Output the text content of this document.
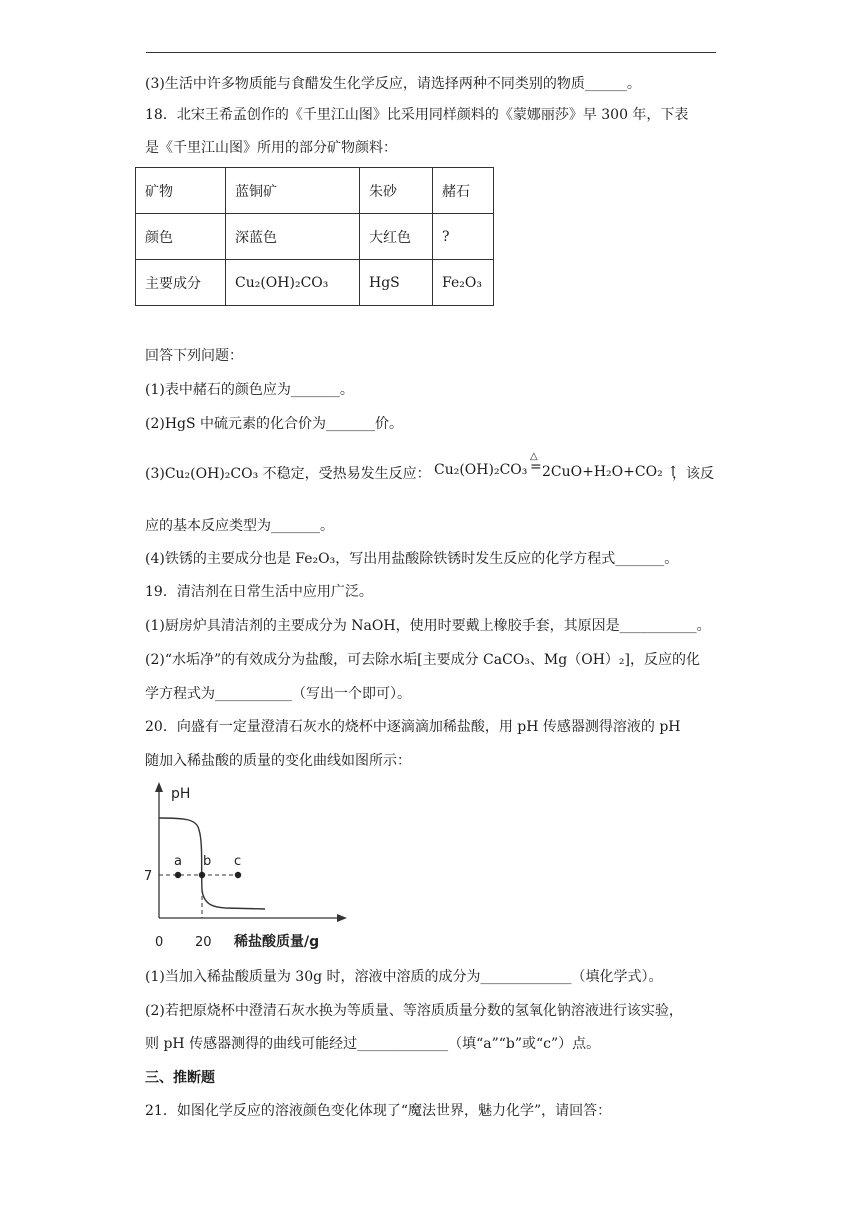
(3)生活中许多物质能与食醋发生化学反应，请选择两种不同类别的物质______。
18．北宋王希孟创作的《千里江山图》比采用同样颜料的《蒙娜丽莎》早 300 年，下表
是《千里江山图》所用的部分矿物颜料：
矿物	蓝铜矿	朱砂	赭石
颜色	深蓝色	大红色	?
主要成分	Cu₂(OH)₂CO₃	HgS	Fe₂O₃
回答下列问题：
(1)表中赭石的颜色应为_______。
(2)HgS 中硫元素的化合价为_______价。
(3)Cu₂(OH)₂CO₃ 不稳定，受热易发生反应： Cu₂(OH)₂CO₃
△
= 2CuO+H₂O+CO₂ ↑
，该反
应的基本反应类型为_______。
(4)铁锈的主要成分也是 Fe₂O₃，写出用盐酸除铁锈时发生反应的化学方程式_______。
19．清洁剂在日常生活中应用广泛。
(1)厨房炉具清洁剂的主要成分为 NaOH，使用时要戴上橡胶手套，其原因是___________。
(2)“水垢净”的有效成分为盐酸，可去除水垢[主要成分 CaCO₃、Mg（OH）₂]，反应的化
学方程式为___________（写出一个即可）。
20．向盛有一定量澄清石灰水的烧杯中逐滴滴加稀盐酸，用 pH 传感器测得溶液的 pH
随加入稀盐酸的质量的变化曲线如图所示：
pH
a b c
7
0 20 稀盐酸质量/g
(1)当加入稀盐酸质量为 30g 时，溶液中溶质的成分为_____________（填化学式）。
(2)若把原烧杯中澄清石灰水换为等质量、等溶质质量分数的氢氧化钠溶液进行该实验，
则 pH 传感器测得的曲线可能经过_____________（填“a”“b”或“c”）点。
三、推断题
21．如图化学反应的溶液颜色变化体现了“魔法世界，魅力化学”，请回答：
